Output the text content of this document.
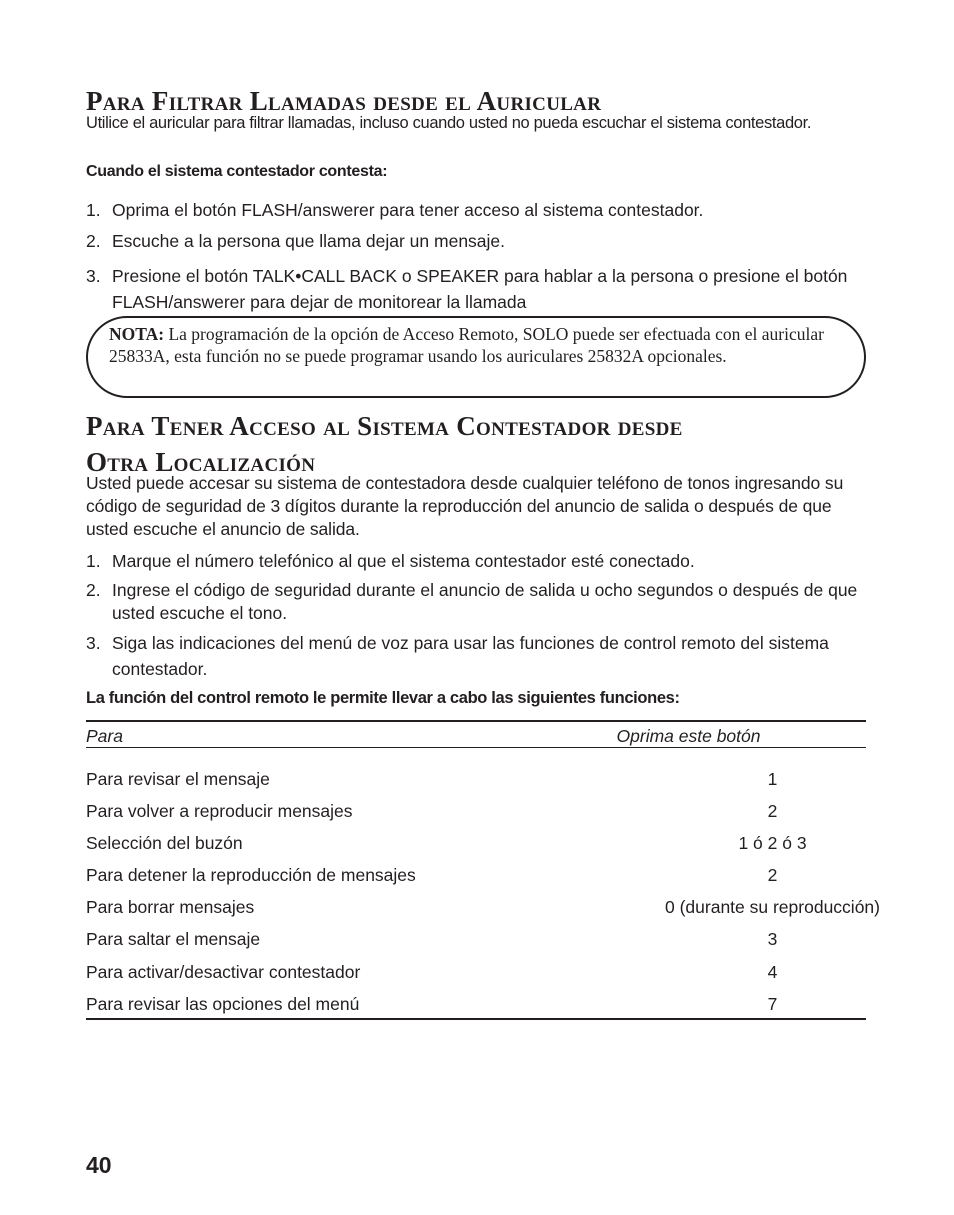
Para Filtrar Llamadas desde el Auricular
Utilice el auricular para filtrar llamadas, incluso cuando usted no pueda escuchar el sistema contestador.
Cuando el sistema contestador contesta:
1. Oprima el botón FLASH/answerer para tener acceso al sistema contestador.
2. Escuche a la persona que llama dejar un mensaje.
3. Presione el botón TALK•CALL BACK o SPEAKER para hablar a la persona o presione el botón FLASH/answerer para dejar de monitorear la llamada
NOTA: La programación de la opción de Acceso Remoto, SOLO puede ser efectuada con el auricular 25833A, esta función no se puede programar usando los auriculares 25832A opcionales.
Para Tener Acceso al Sistema Contestador desde
Otra Localización
Usted puede accesar su sistema de contestadora desde cualquier teléfono de tonos ingresando su código de seguridad de 3 dígitos durante la reproducción del anuncio de salida o después de que usted escuche el anuncio de salida.
1. Marque el número telefónico al que el sistema contestador esté conectado.
2. Ingrese el código de seguridad durante el anuncio de salida u ocho segundos o después de que usted escuche el tono.
3. Siga las indicaciones del menú de voz para usar las funciones de control remoto del sistema contestador.
La función del control remoto le permite llevar a cabo las siguientes funciones:
Para	Oprima este botón
Para revisar el mensaje	1
Para volver a reproducir mensajes	2
Selección del buzón	1 ó 2 ó 3
Para detener la reproducción de mensajes	2
Para borrar mensajes	0 (durante su reproducción)
Para saltar el mensaje	3
Para activar/desactivar contestador	4
Para revisar las opciones del menú	7
40
